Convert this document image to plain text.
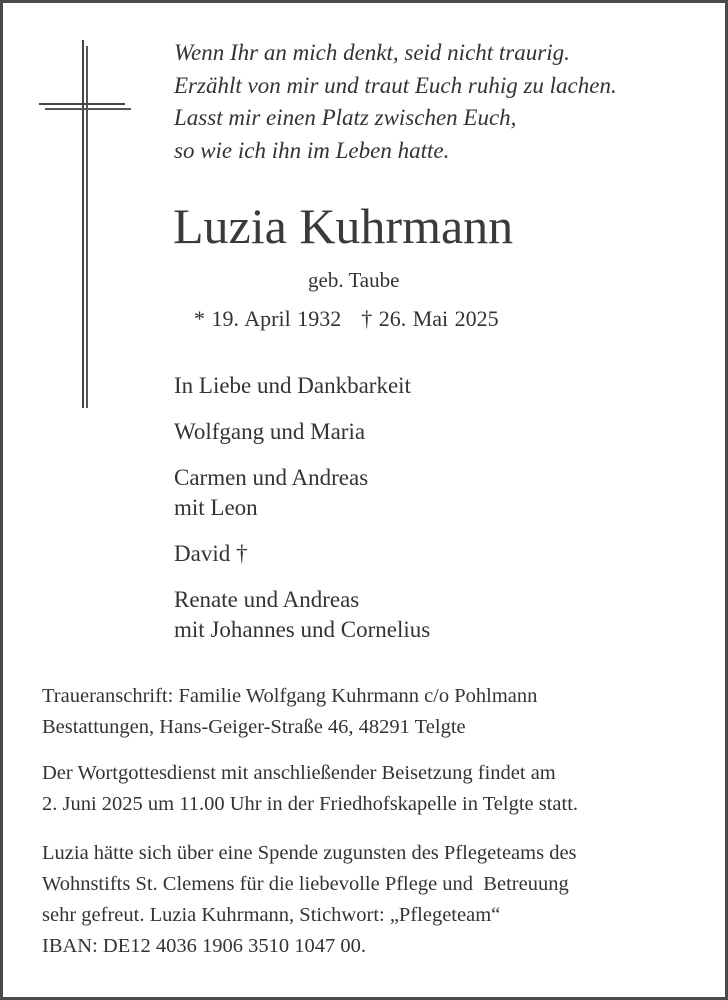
Wenn Ihr an mich denkt, seid nicht traurig.
Erzählt von mir und traut Euch ruhig zu lachen.
Lasst mir einen Platz zwischen Euch,
so wie ich ihn im Leben hatte.
Luzia Kuhrmann
geb. Taube
* 19. April 1932 † 26. Mai 2025

In Liebe und Dankbarkeit

Wolfgang und Maria

Carmen und Andreas

mit Leon

David †

Renate und Andreas

mit Johannes und Cornelius

Traueranschrift: Familie Wolfgang Kuhrmann c/o Pohlmann

Bestattungen, Hans-Geiger-Straße 46, 48291 Telgte

Der Wortgottesdienst mit anschließender Beisetzung findet am

2. Juni 2025 um 11.00 Uhr in der Friedhofskapelle in Telgte statt.

Luzia hätte sich über eine Spende zugunsten des Pflegeteams des

Wohnstifts St. Clemens für die liebevolle Pflege und  Betreuung

sehr gefreut. Luzia Kuhrmann, Stichwort: „Pflegeteam“

IBAN: DE12 4036 1906 3510 1047 00.
